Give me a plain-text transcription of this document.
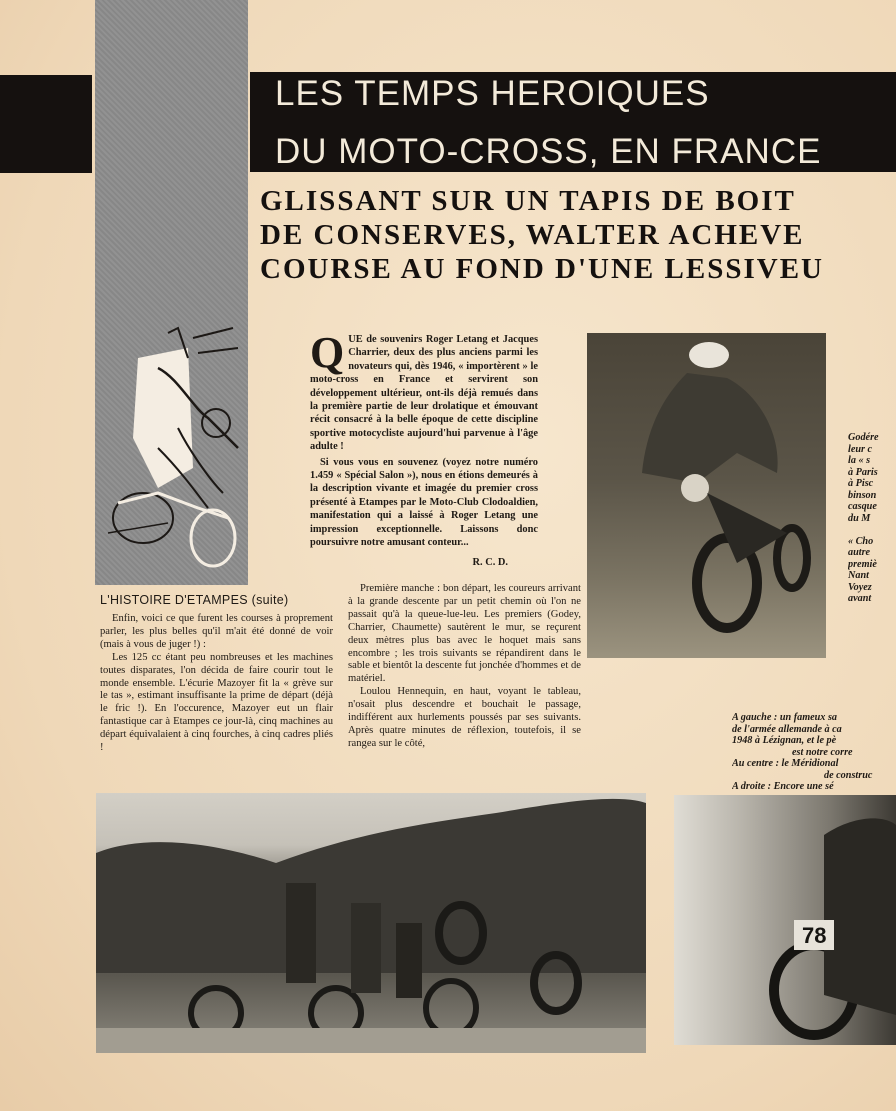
LES TEMPS HEROIQUES
DU MOTO-CROSS, EN FRANCE
GLISSANT SUR UN TAPIS DE BOIT
DE CONSERVES, WALTER ACHEVE
COURSE AU FOND D'UNE LESSIVEU
Q UE de souvenirs Roger Letang et Jacques Charrier, deux des plus anciens parmi les novateurs qui, dès 1946, « importèrent » le moto-cross en France et servirent son développement ultérieur, ont-ils déjà remués dans la première partie de leur drolatique et émouvant récit consacré à la belle époque de cette discipline sportive motocycliste aujourd'hui parvenue à l'âge adulte !

Si vous vous en souvenez (voyez notre numéro 1.459 « Spécial Salon »), nous en étions demeurés à la description vivante et imagée du premier cross présenté à Etampes par le Moto-Club Clodoaldien, manifestation qui a laissé à Roger Letang une impression exceptionnelle. Laissons donc poursuivre notre amusant conteur...

R. C. D.
L'HISTOIRE D'ETAMPES (suite)

Enfin, voici ce que furent les courses à proprement parler, les plus belles qu'il m'ait été donné de voir (mais à vous de juger !) :

Les 125 cc étant peu nombreuses et les machines toutes disparates, l'on décida de faire courir tout le monde ensemble. L'écurie Mazoyer fit la « grève sur le tas », estimant insuffisante la prime de départ (déjà le fric !). En l'occurence, Mazoyer eut un flair fantastique car à Etampes ce jour-là, cinq machines au départ équivalaient à cinq fourches, à cinq cadres pliés !

Première manche : bon départ, les coureurs arrivant à la grande descente par un petit chemin où l'on ne passait qu'à la queue-lue-leu. Les premiers (Godey, Charrier, Chaumette) sautèrent le mur, se reçurent deux mètres plus bas avec le hoquet mais sans encombre ; les trois suivants se répandirent dans le sable et bientôt la descente fut jonchée d'hommes et de matériel.

Loulou Hennequin, en haut, voyant le tableau, n'osait plus descendre et bouchait le passage, indifférent aux hurlements poussés par ses suivants. Après quatre minutes de réflexion, toutefois, il se rangea sur le côté,

78

Godére

leur c

la « s

à Paris

à Pisc

binson

casque

du M

« Cho

autre

premiè

Nant

Voyez

avant

A gauche : un fameux sa

de l'armée allemande à ca

1948 à Lézignan, et le pè

est notre corre

Au centre : le Méridional

de construc

A droite : Encore une sé
